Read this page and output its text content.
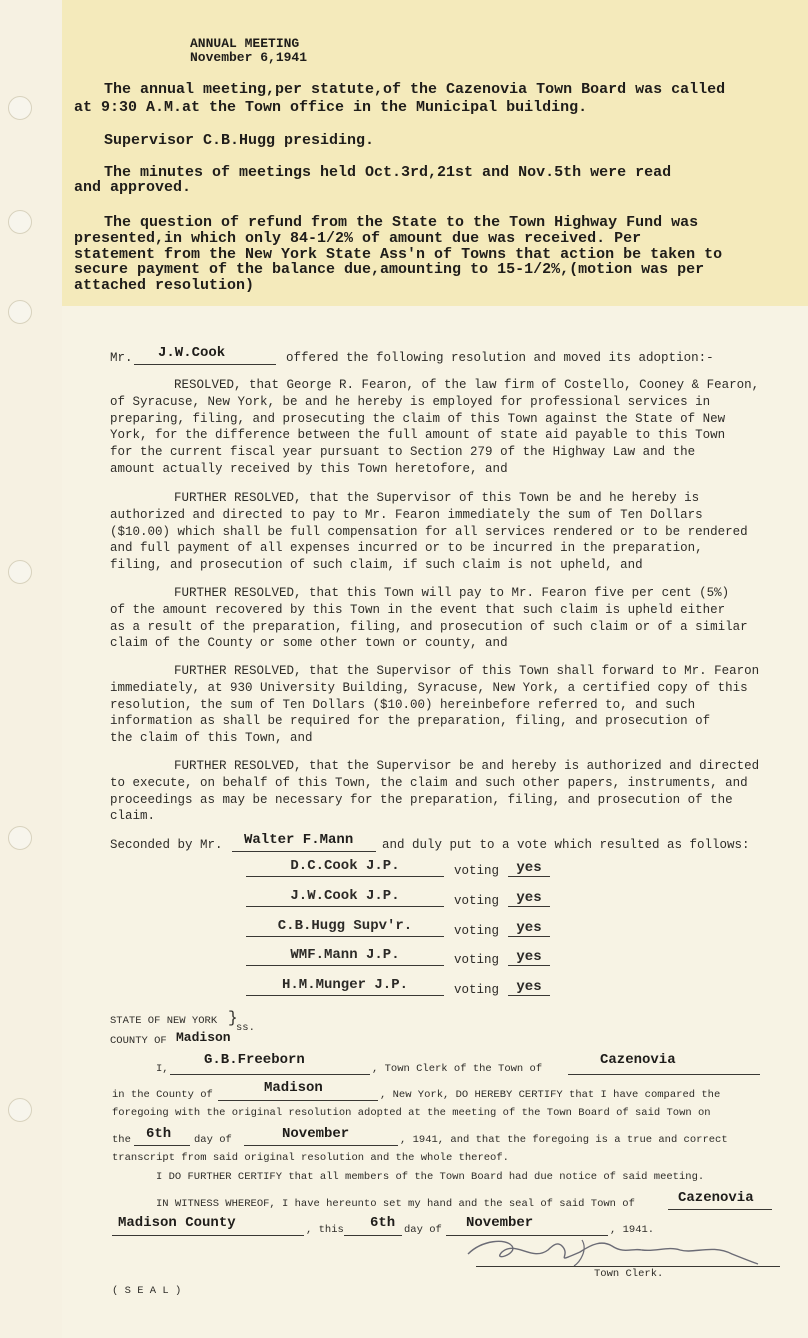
ANNUAL MEETING
November 6,1941
The annual meeting,per statute,of the Cazenovia Town Board was called
at 9:30 A.M.at the Town office in the Municipal building.
Supervisor C.B.Hugg presiding.
The minutes of meetings held Oct.3rd,21st and Nov.5th were read
and approved.
The question of refund from the State to the Town Highway Fund was
presented,in which only 84-1/2% of amount due was received. Per
statement from the New York State Ass'n of Towns that action be taken to
secure payment of the balance due,amounting to 15-1/2%,(motion was per
attached resolution)
Mr. J.W.Cook	offered the following resolution and moved its adoption:-
RESOLVED, that George R. Fearon, of the law firm of Costello, Cooney & Fearon,
of Syracuse, New York, be and he hereby is employed for professional services in
preparing, filing, and prosecuting the claim of this Town against the State of New
York, for the difference between the full amount of state aid payable to this Town
for the current fiscal year pursuant to Section 279 of the Highway Law and the
amount actually received by this Town heretofore, and
FURTHER RESOLVED, that the Supervisor of this Town be and he hereby is
authorized and directed to pay to Mr. Fearon immediately the sum of Ten Dollars
($10.00) which shall be full compensation for all services rendered or to be rendered
and full payment of all expenses incurred or to be incurred in the preparation,
filing, and prosecution of such claim, if such claim is not upheld, and
FURTHER RESOLVED, that this Town will pay to Mr. Fearon five per cent (5%)
of the amount recovered by this Town in the event that such claim is upheld either
as a result of the preparation, filing, and prosecution of such claim or of a similar
claim of the County or some other town or county, and
FURTHER RESOLVED, that the Supervisor of this Town shall forward to Mr. Fearon
immediately, at 930 University Building, Syracuse, New York, a certified copy of this
resolution, the sum of Ten Dollars ($10.00) hereinbefore referred to, and such
information as shall be required for the preparation, filing, and prosecution of
the claim of this Town, and
FURTHER RESOLVED, that the Supervisor be and hereby is authorized and directed
to execute, on behalf of this Town, the claim and such other papers, instruments, and
proceedings as may be necessary for the preparation, filing, and prosecution of the
claim.
Seconded by Mr. Walter F.Mann and duly put to a vote which resulted as follows:
D.C.Cook J.P.	voting	yes
J.W.Cook J.P.	voting	yes
C.B.Hugg Supv'r.	voting	yes
WMF.Mann J.P.	voting	yes
H.M.Munger J.P.	voting	yes
STATE OF NEW YORK
COUNTY OF Madison
ss.
}
I,
G.B.Freeborn
, Town Clerk of the Town of
Cazenovia
in the County of	Madison	, New York, DO HEREBY CERTIFY that I have compared the
foregoing with the original resolution adopted at the meeting of the Town Board of said Town on
the 6th day of	November	, 1941, and that the foregoing is a true and correct
transcript from said original resolution and the whole thereof.
I DO FURTHER CERTIFY that all members of the Town Board had due notice of said meeting.
IN WITNESS WHEREOF, I have hereunto set my hand and the seal of said Town of	Cazenovia
Madison County	, this 6th day of November	, 1941.
Town Clerk.
( S E A L )
